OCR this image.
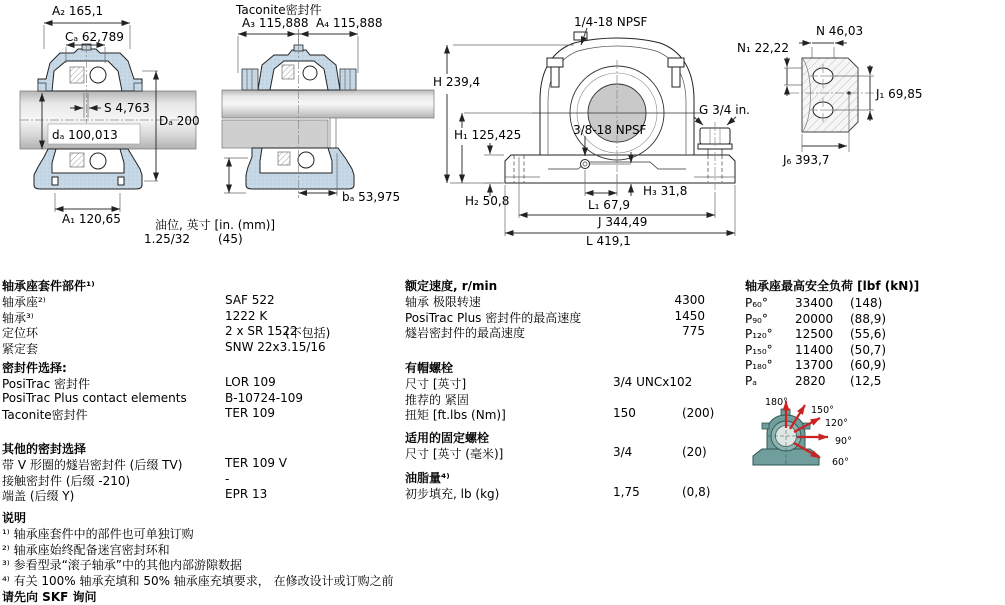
A₂ 165,1
Cₐ 62,789
S 4,763
dₐ 100,013
Dₐ 200
A₁ 120,65
Taconite密封件
A₃ 115,888 A₄ 115,888
bₐ 53,975
油位, 英寸 [in. (mm)]
1.25/32 (45)
1/4-18 NPSF
3/8-18 NPSF
G 3/4 in.
H 239,4
H₁ 125,425
H₂ 50,8
H₃ 31,8
L₁ 67,9
J 344,49
L 419,1
N 46,03
N₁ 22,22
J₁ 69,85
J₆ 393,7
轴承座套件部件¹⁾
轴承座²⁾	SAF 522
轴承³⁾	1222 K
定位环	2 x SR 1522
(不包括)
紧定套	SNW 22x3.15/16
密封件选择:
PosiTrac 密封件	LOR 109
PosiTrac Plus contact elements	B-10724-109
Taconite密封件	TER 109
其他的密封选择
带 V 形圈的燧岩密封件 (后缀 TV)	TER 109 V
接触密封件 (后缀 -210)	-
端盖 (后缀 Y)	EPR 13
说明
¹⁾ 轴承座套件中的部件也可单独订购
²⁾ 轴承座始终配备迷宫密封环和
³⁾ 参看型录“滚子轴承”中的其他内部游隙数据
⁴⁾ 有关 100% 轴承充填和 50% 轴承座充填要求， 在修改设计或订购之前
请先向 SKF 询问
额定速度, r/min
轴承 极限转速	4300
PosiTrac Plus 密封件的最高速度	1450
燧岩密封件的最高速度	775
有帽螺栓
尺寸 [英寸]	3/4 UNCx102
推荐的 紧固
扭矩 [ft.lbs (Nm)]	150	(200)
适用的固定螺栓
尺寸 [英寸 (毫米)]	3/4	(20)
油脂量⁴⁾
初步填充, lb (kg)	1,75	(0,8)
轴承座最高安全负荷 [lbf (kN)]
P₆₀° 33400 (148)
P₉₀° 20000 (88,9)
P₁₂₀° 12500 (55,6)
P₁₅₀° 11400 (50,7)
P₁₈₀° 13700 (60,9)
Pₐ	2820 (12,5
180°
150°
120°
90°
60°
